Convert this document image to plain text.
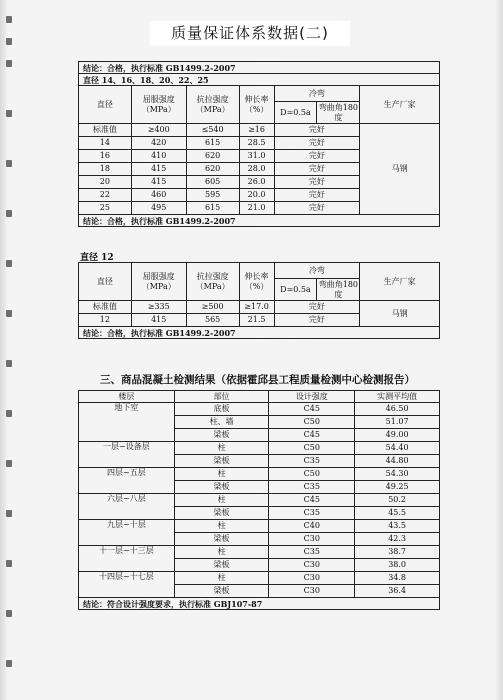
质量保证体系数据(二)
结论：合格，执行标准 GB1499.2-2007						
直径 14、16、18、20、22、25						
直径	屈服强度（MPa）	抗拉强度（MPa）	伸长率（%）	冷弯		生产厂家
				D=0.5a	弯曲角180度	
标准值	≥400	≤540	≥16	完好		马钢
14	420	615	28.5	完好		
16	410	620	31.0	完好		
18	415	620	28.0	完好		
20	415	605	26.0	完好		
22	460	595	20.0	完好		
25	495	615	21.0	完好		
结论：合格，执行标准 GB1499.2-2007						
直径 12
直径	屈服强度（MPa）	抗拉强度（MPa）	伸长率（%）	冷弯		生产厂家
				D=0.5a	弯曲角180度	
标准值	≥335	≥500	≥17.0	完好		马钢
12	415	565	21.5	完好		
结论：合格，执行标准 GB1499.2-2007						
三、商品混凝土检测结果（依据霍邱县工程质量检测中心检测报告）
楼层	部位	设计强度	实测平均值
地下室	底板	C45	46.50
	柱、墙	C50	51.07
	梁板	C45	49.00
一层~设备层	柱	C50	54.40
	梁板	C35	44.80
四层~五层	柱	C50	54.30
	梁板	C35	49.25
六层~八层	柱	C45	50.2
	梁板	C35	45.5
九层~十层	柱	C40	43.5
	梁板	C30	42.3
十一层~十三层	柱	C35	38.7
	梁板	C30	38.0
十四层~十七层	柱	C30	34.8
	梁板	C30	36.4
结论：符合设计强度要求，执行标准 GBJ107-87			
